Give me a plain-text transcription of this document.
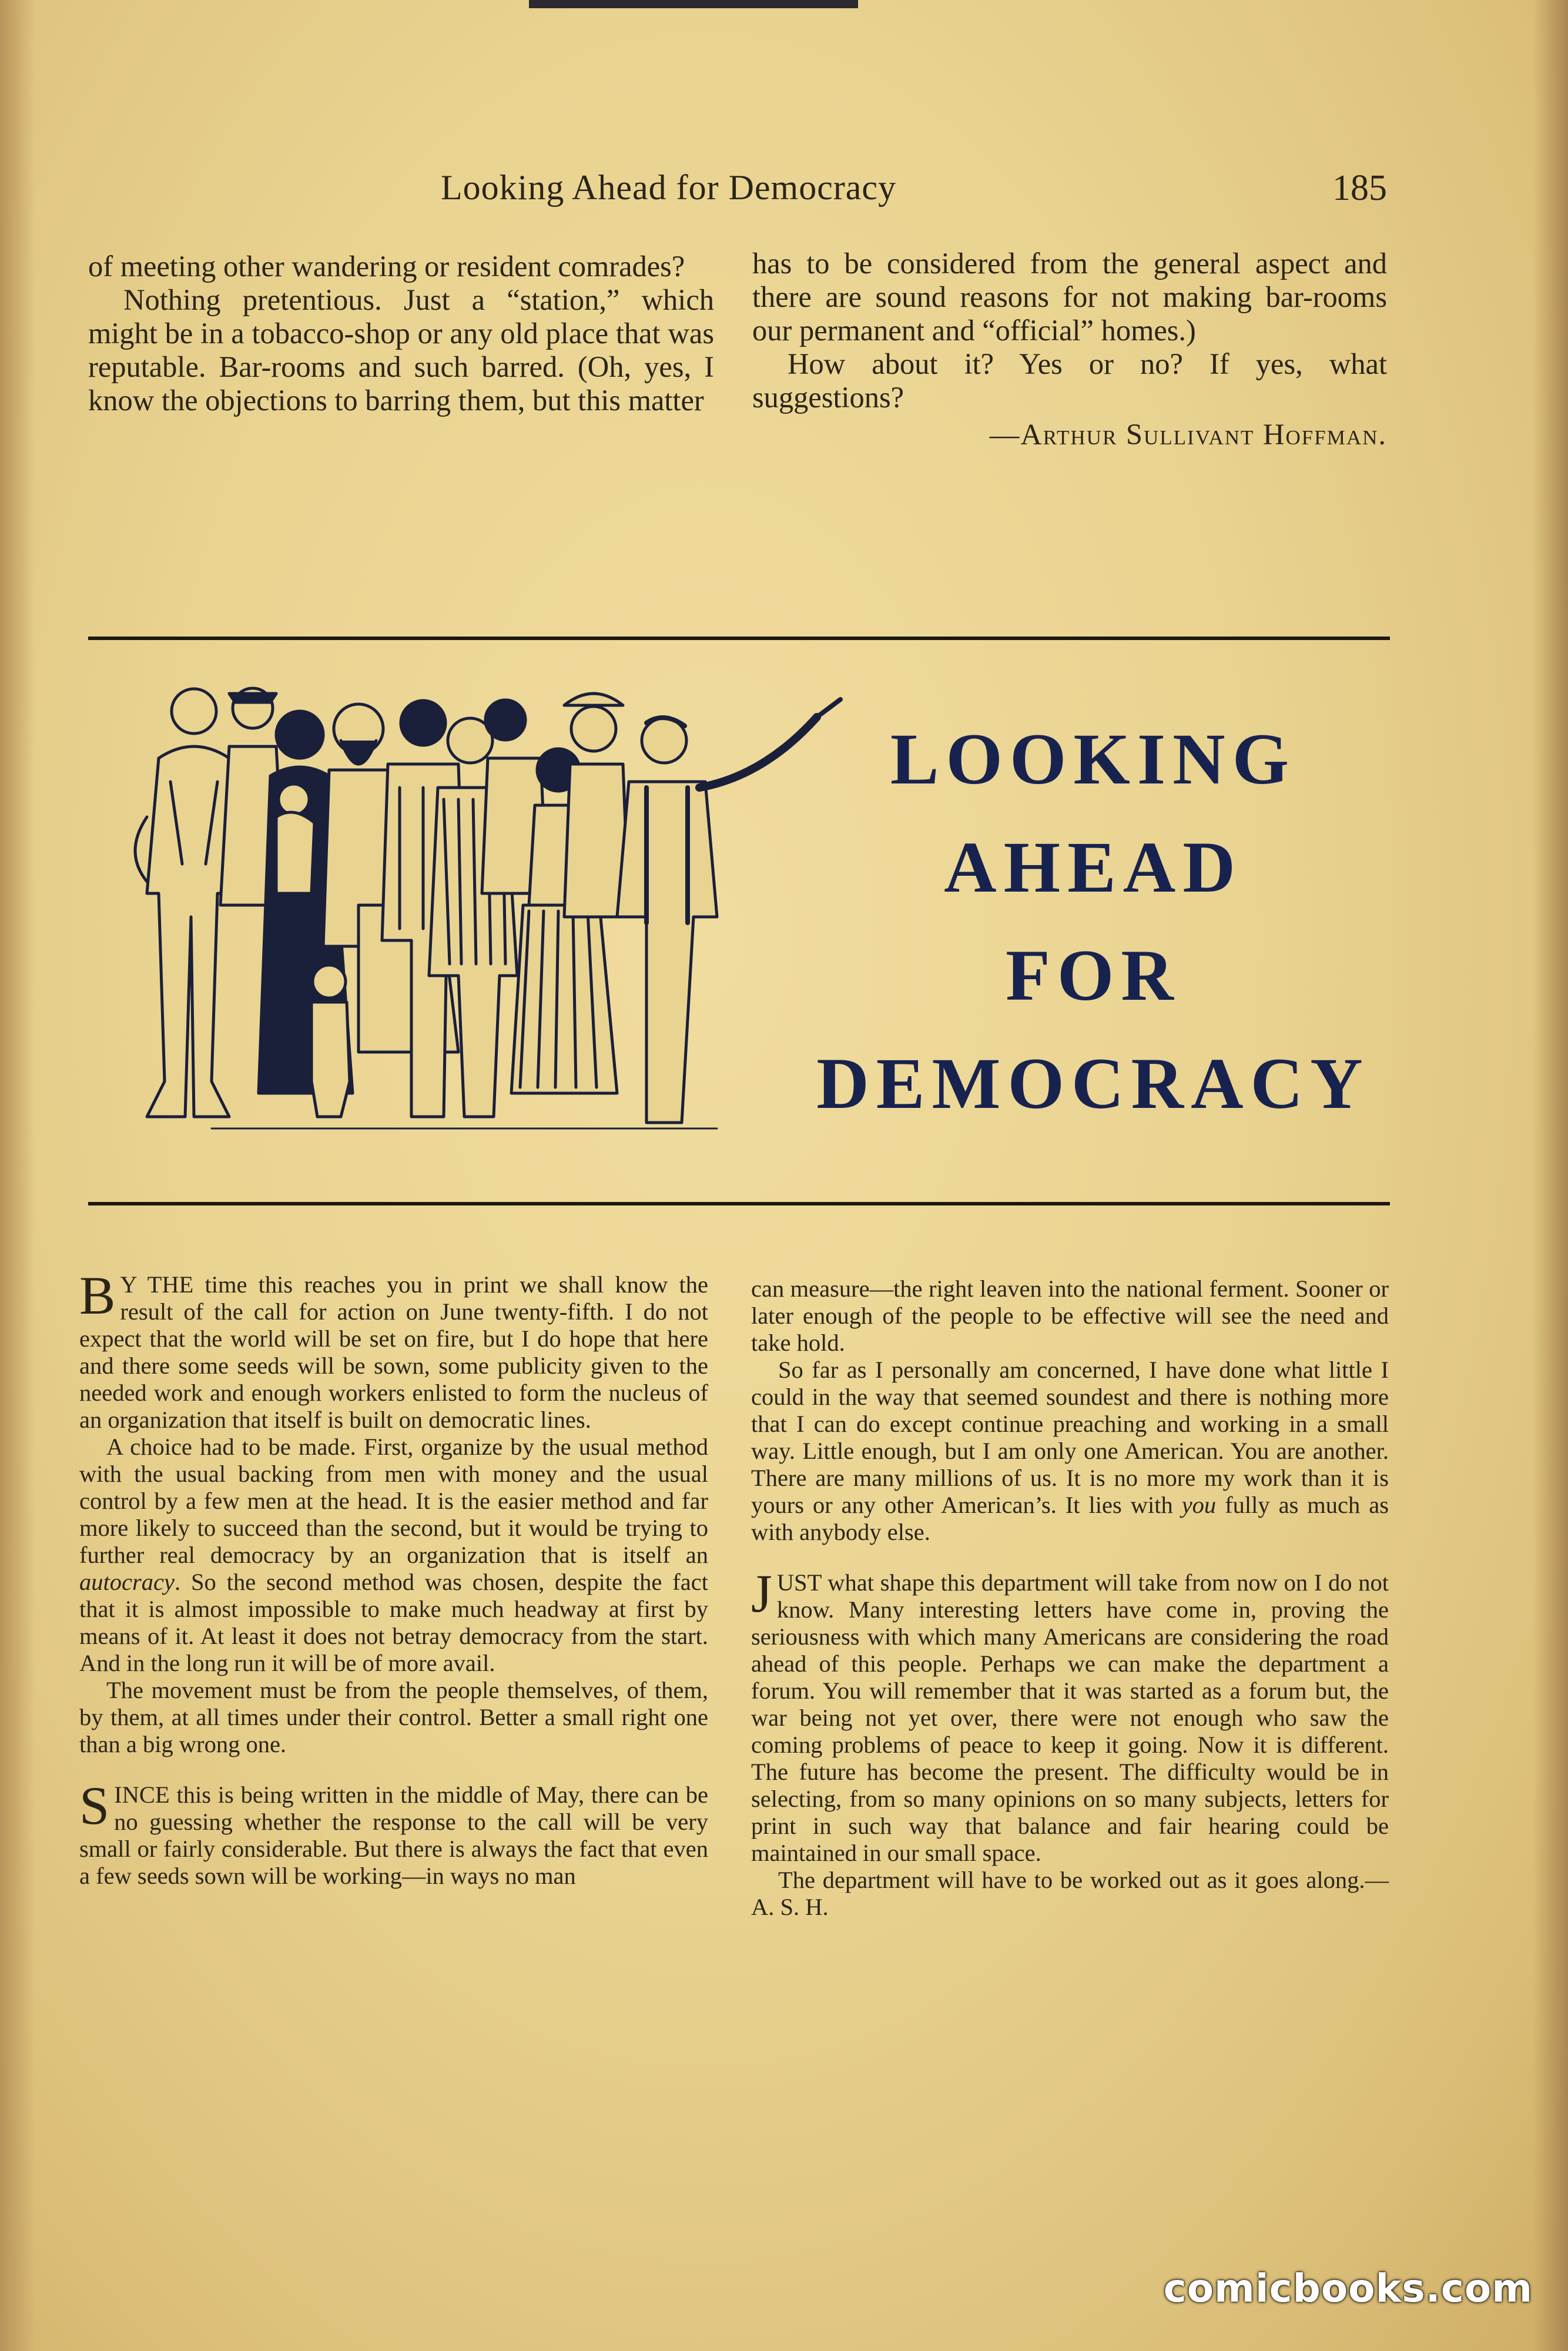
Looking Ahead for Democracy	185

of meeting other wandering or resident comrades?

Nothing pretentious. Just a “station,” which might be in a tobacco-shop or any old place that was reputable. Bar-rooms and such barred. (Oh, yes, I know the objections to barring them, but this matter

has to be considered from the general aspect and there are sound reasons for not making bar-rooms our permanent and “official” homes.)

How about it? Yes or no? If yes, what suggestions?

—Arthur Sullivant Hoffman.

LOOKING
AHEAD
FOR
DEMOCRACY

B Y THE time this reaches you in print we shall know the result of the call for action on June twenty-fifth. I do not expect that the world will be set on fire, but I do hope that here and there some seeds will be sown, some publicity given to the needed work and enough workers enlisted to form the nucleus of an organization that itself is built on democratic lines.

A choice had to be made. First, organize by the usual method with the usual backing from men with money and the usual control by a few men at the head. It is the easier method and far more likely to succeed than the second, but it would be trying to further real democracy by an organization that is itself an autocracy. So the second method was chosen, despite the fact that it is almost impossible to make much headway at first by means of it. At least it does not betray democracy from the start. And in the long run it will be of more avail.

The movement must be from the people themselves, of them, by them, at all times under their control. Better a small right one than a big wrong one.

SINCE this is being written in the middle of May, there can be no guessing whether the response to the call will be very small or fairly considerable. But there is always the fact that even a few seeds sown will be working—in ways no man

can measure—the right leaven into the national ferment. Sooner or later enough of the people to be effective will see the need and take hold.

So far as I personally am concerned, I have done what little I could in the way that seemed soundest and there is nothing more that I can do except continue preaching and working in a small way. Little enough, but I am only one American. You are another. There are many millions of us. It is no more my work than it is yours or any other American’s. It lies with you fully as much as with anybody else.

JUST what shape this department will take from now on I do not know. Many interesting letters have come in, proving the seriousness with which many Americans are considering the road ahead of this people. Perhaps we can make the department a forum. You will remember that it was started as a forum but, the war being not yet over, there were not enough who saw the coming problems of peace to keep it going. Now it is different. The future has become the present. The difficulty would be in selecting, from so many opinions on so many subjects, letters for print in such way that balance and fair hearing could be maintained in our small space.

The department will have to be worked out as it goes along.—A. S. H.

comicbooks.com
